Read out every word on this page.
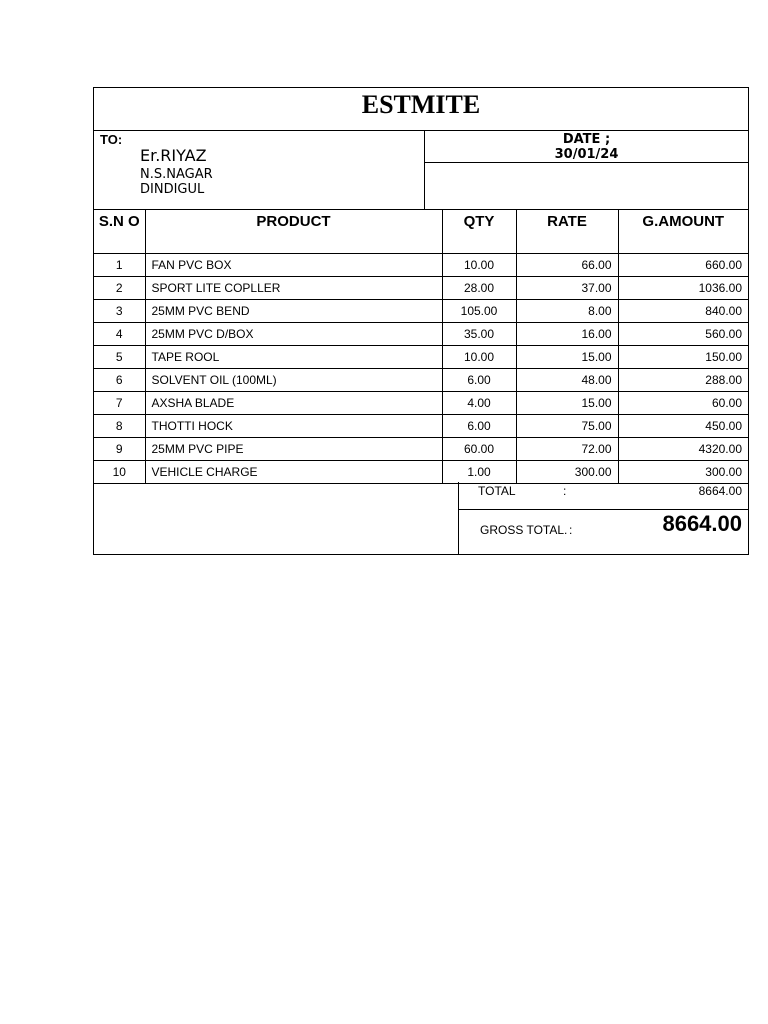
ESTMITE
TO:
Er.RIYAZ
N.S.NAGAR
DINDIGUL
DATE ;
30/01/24
S.N O	PRODUCT	QTY	RATE	G.AMOUNT
1	FAN PVC BOX	10.00	66.00	660.00
2	SPORT LITE COPLLER	28.00	37.00	1036.00
3	25MM PVC BEND	105.00	8.00	840.00
4	25MM PVC D/BOX	35.00	16.00	560.00
5	TAPE ROOL	10.00	15.00	150.00
6	SOLVENT OIL (100ML)	6.00	48.00	288.00
7	AXSHA BLADE	4.00	15.00	60.00
8	THOTTI HOCK	6.00	75.00	450.00
9	25MM PVC PIPE	60.00	72.00	4320.00
10	VEHICLE CHARGE	1.00	300.00	300.00
TOTAL	:	8664.00
GROSS TOTAL. :	8664.00
